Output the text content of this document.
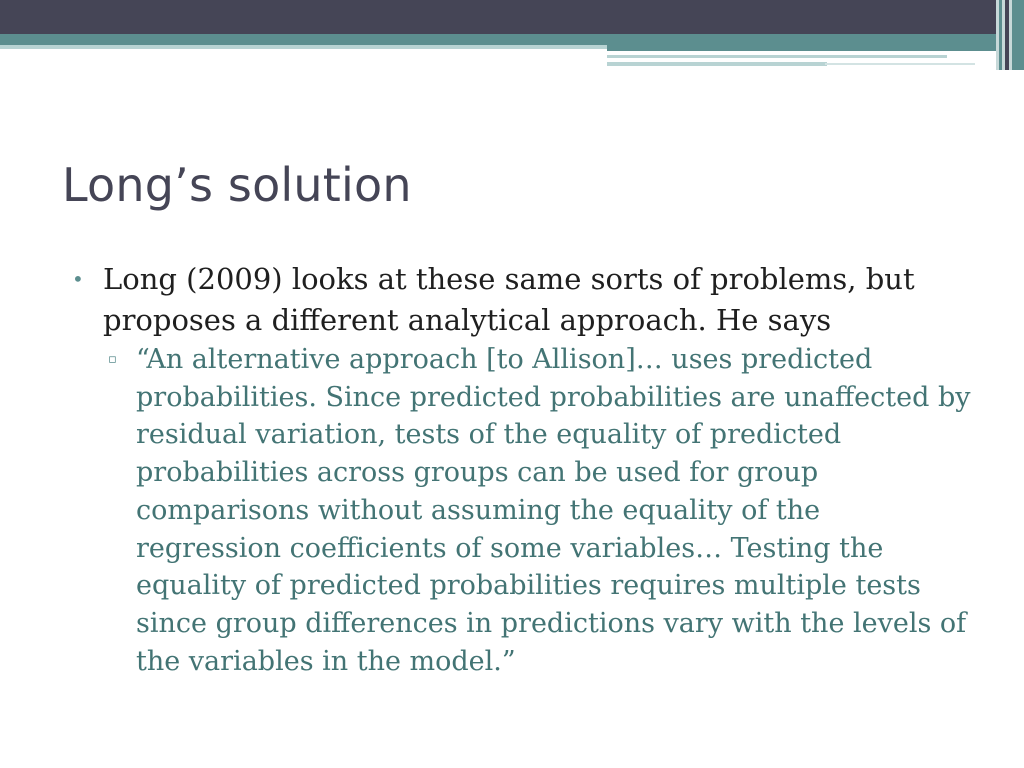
Long’s solution
• Long (2009) looks at these same sorts of problems, but proposes a different analytical approach. He says
▫ “An alternative approach [to Allison]… uses predicted probabilities. Since predicted probabilities are unaffected by residual variation, tests of the equality of predicted probabilities across groups can be used for group comparisons without assuming the equality of the regression coefficients of some variables… Testing the equality of predicted probabilities requires multiple tests since group differences in predictions vary with the levels of the variables in the model.”
